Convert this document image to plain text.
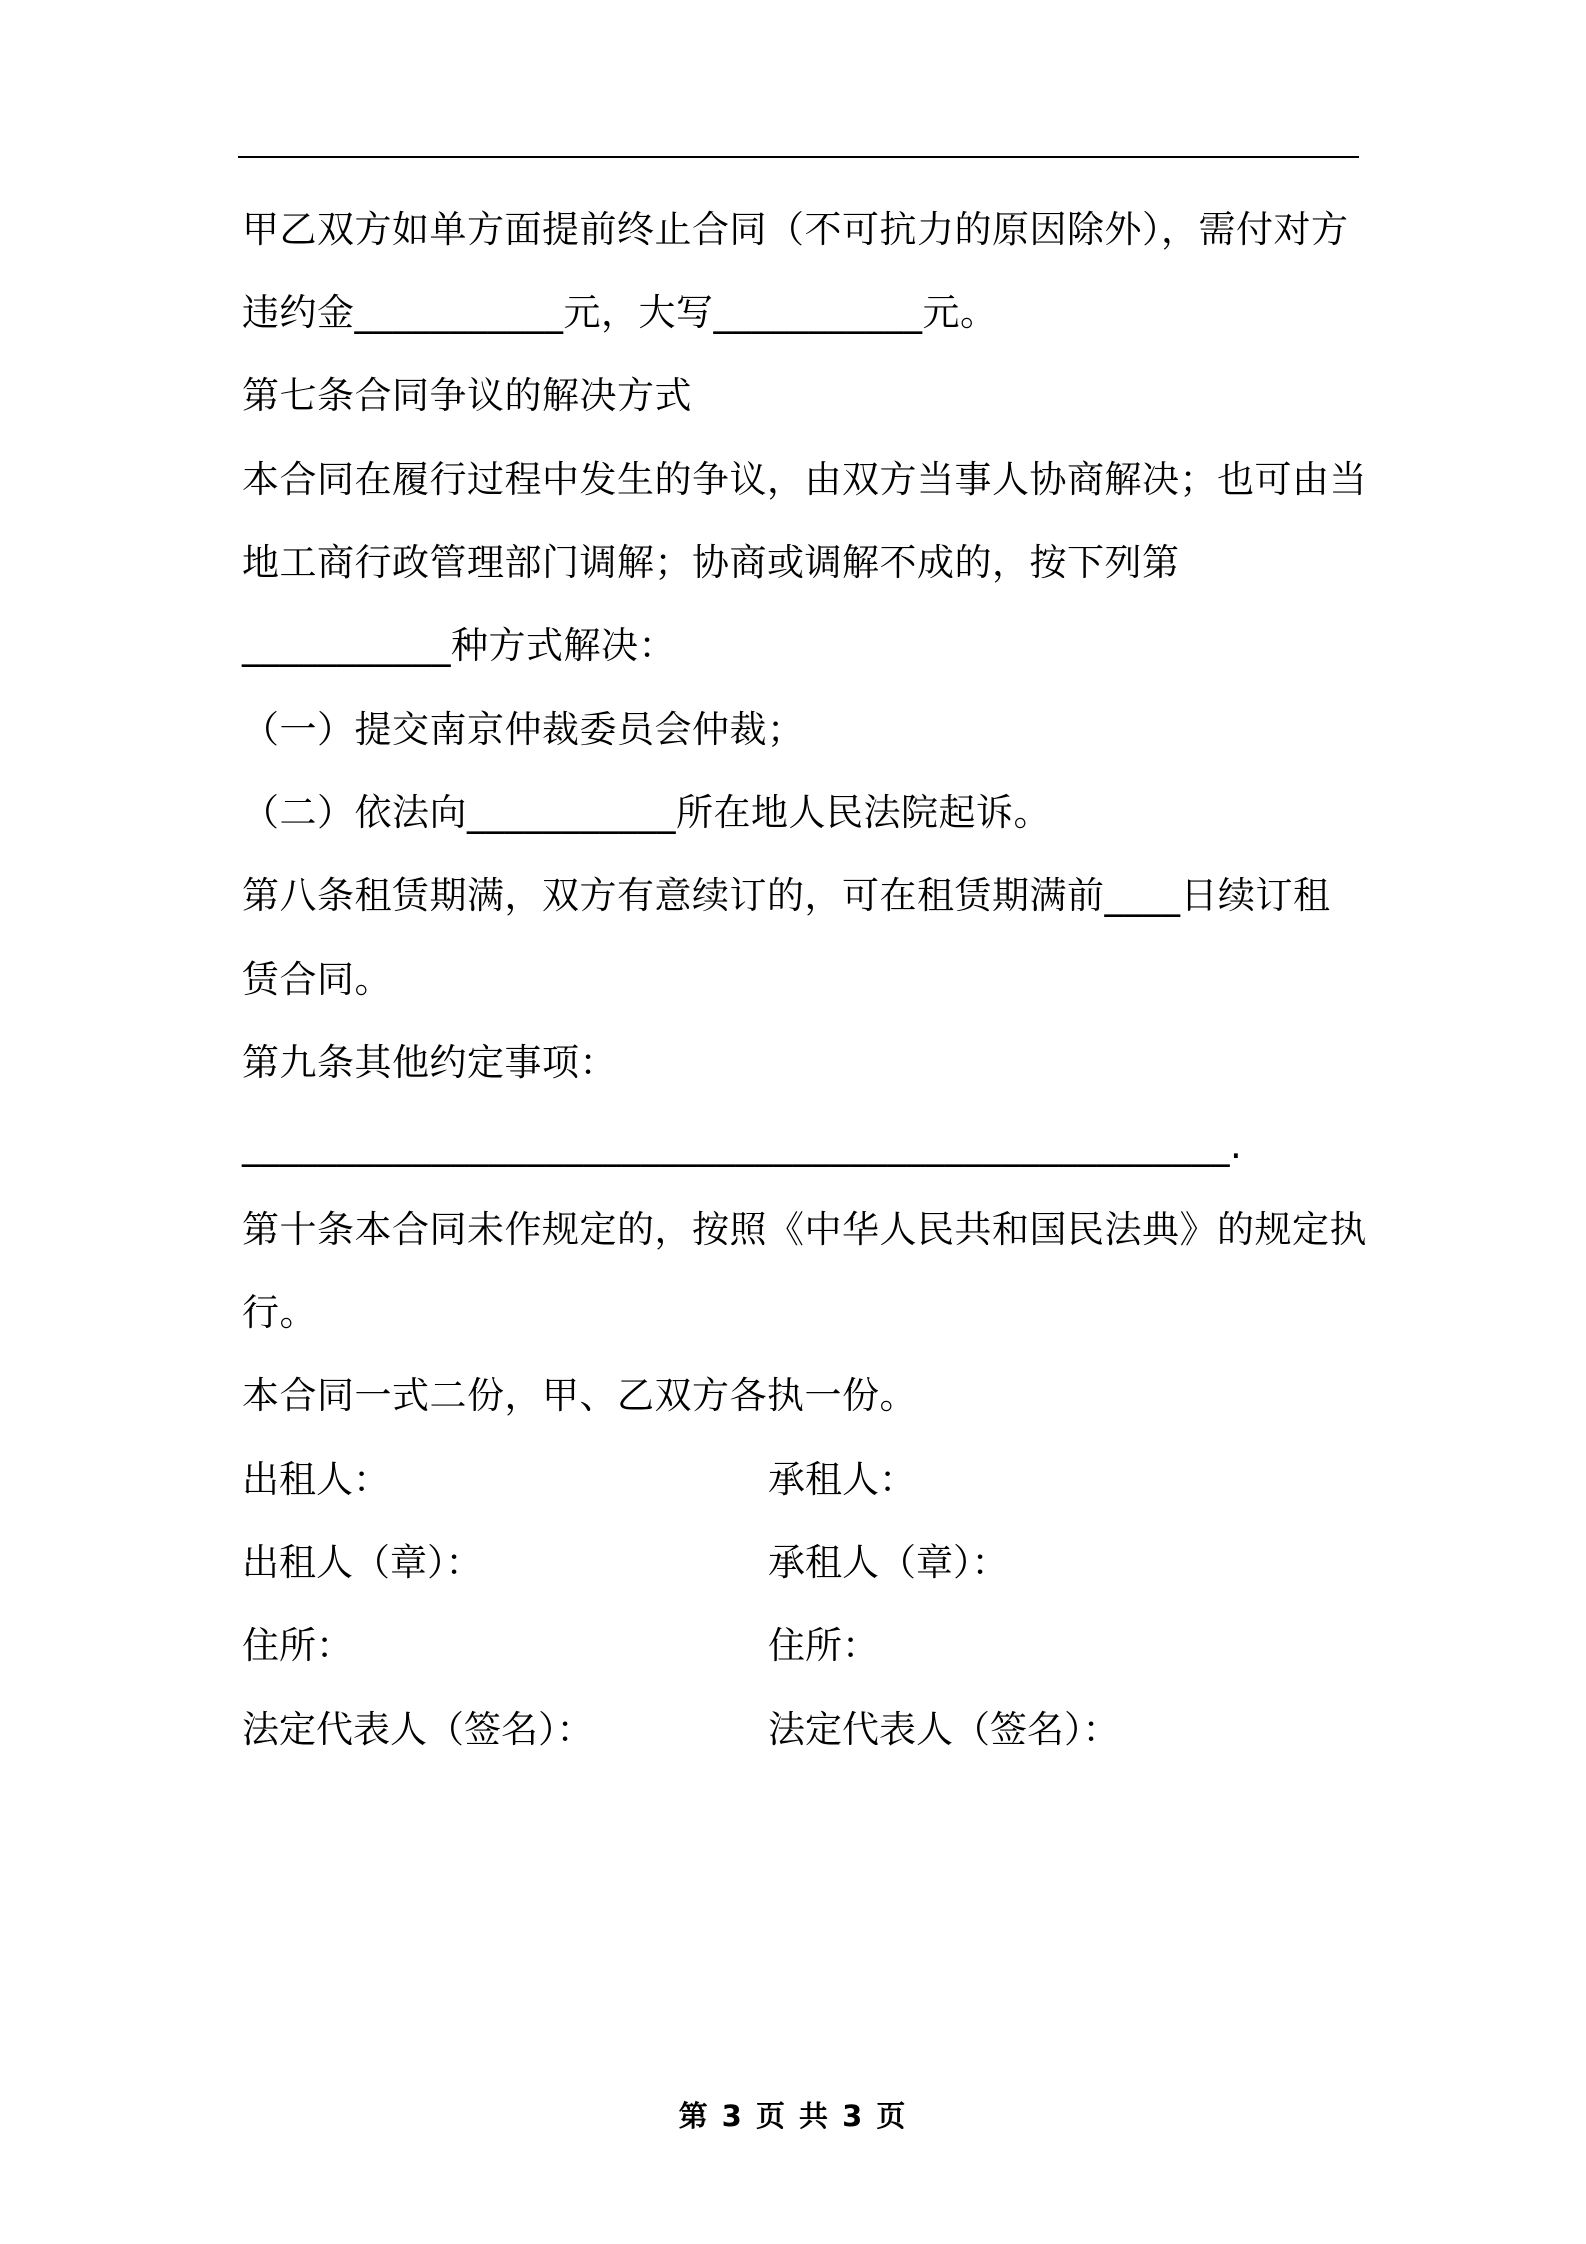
甲乙双方如单方面提前终止合同（不可抗力的原因除外），需付对方
违约金___________元，大写___________元。
第七条合同争议的解决方式
本合同在履行过程中发生的争议，由双方当事人协商解决；也可由当
地工商行政管理部门调解；协商或调解不成的，按下列第
___________种方式解决：
（一）提交南京仲裁委员会仲裁；
（二）依法向___________所在地人民法院起诉。
第八条租赁期满，双方有意续订的，可在租赁期满前____日续订租
赁合同。
第九条其他约定事项：
____________________________________________________.
第十条本合同未作规定的，按照《中华人民共和国民法典》的规定执
行。
本合同一式二份，甲、乙双方各执一份。
出租人：	承租人：
出租人（章）：	承租人（章）：
住所：	住所：
法定代表人（签名）：	法定代表人（签名）：
第 3 页 共 3 页
